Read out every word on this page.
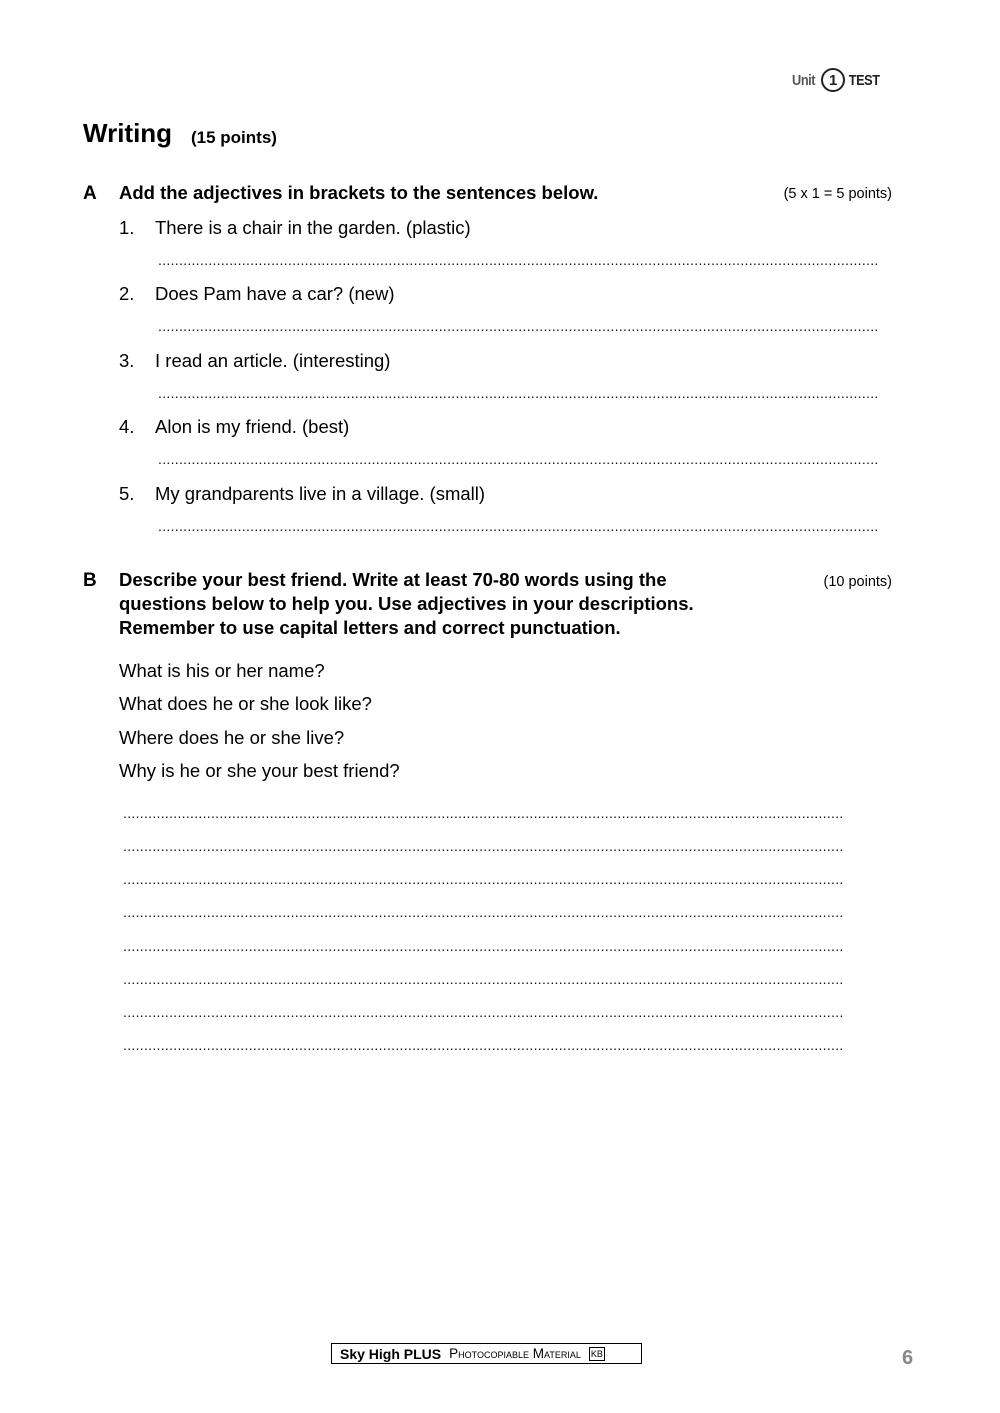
Unit 1 TEST
Writing (15 points)
A Add the adjectives in brackets to the sentences below.	(5 x 1 = 5 points)
1. There is a chair in the garden. (plastic)
............................................................................................................................................................................
2. Does Pam have a car? (new)
............................................................................................................................................................................
3. I read an article. (interesting)
............................................................................................................................................................................
4. Alon is my friend. (best)
............................................................................................................................................................................
5. My grandparents live in a village. (small)
............................................................................................................................................................................
B Describe your best friend. Write at least 70-80 words using the
questions below to help you. Use adjectives in your descriptions.
Remember to use capital letters and correct punctuation.
(10 points)
What is his or her name?
What does he or she look like?
Where does he or she live?
Why is he or she your best friend?
............................................................................................................................................................................
............................................................................................................................................................................
............................................................................................................................................................................
............................................................................................................................................................................
............................................................................................................................................................................
............................................................................................................................................................................
............................................................................................................................................................................
............................................................................................................................................................................
Sky High PLUS Photocopiable Material KB	6
